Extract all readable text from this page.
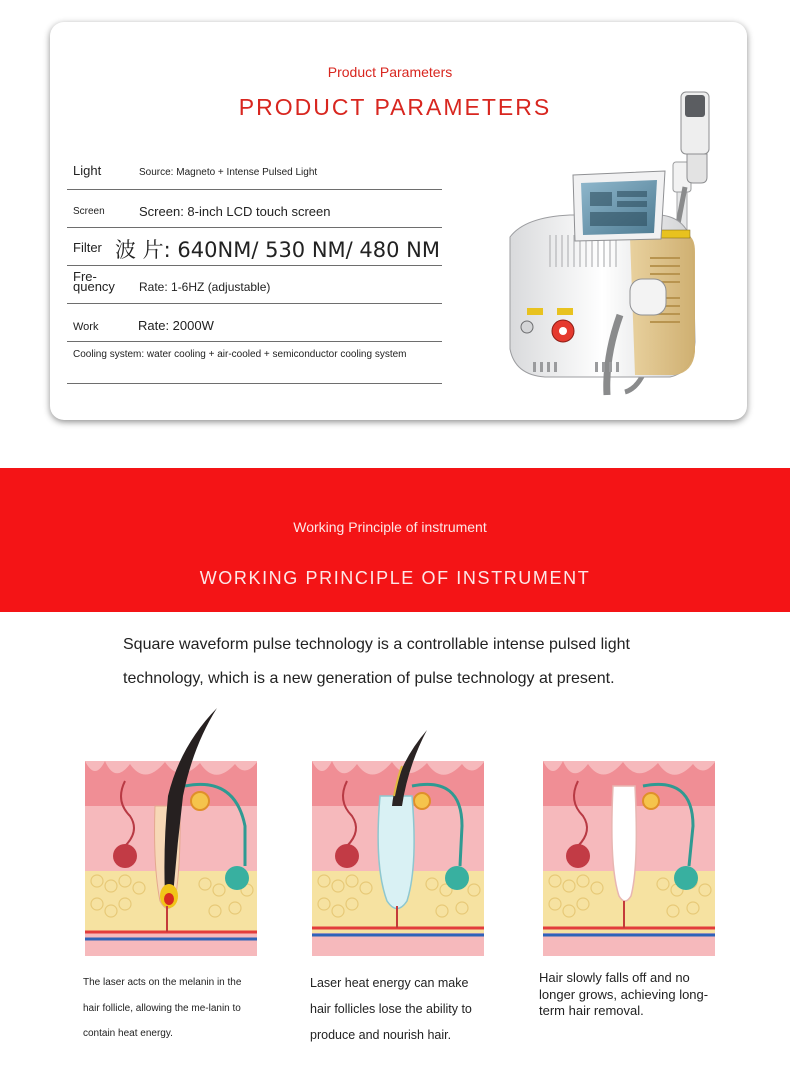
Product Parameters
PRODUCT PARAMETERS
Light	Source: Magneto + Intense Pulsed Light
Screen	Screen: 8-inch LCD touch screen
Filter 波 片: 640NM/ 530 NM/ 480 NM
Fre-quency	Rate: 1-6HZ (adjustable)
Work	Rate: 2000W
Cooling system: water cooling + air-cooled + semiconductor cooling system
Working Principle of instrument
WORKING PRINCIPLE OF INSTRUMENT
Square waveform pulse technology is a controllable intense pulsed light technology, which is a new generation of pulse technology at present.
The laser acts on the melanin in the hair follicle, allowing the me-lanin to contain heat energy.
Laser heat energy can make hair follicles lose the ability to produce and nourish hair.
Hair slowly falls off and no longer grows, achieving long-term hair removal.
